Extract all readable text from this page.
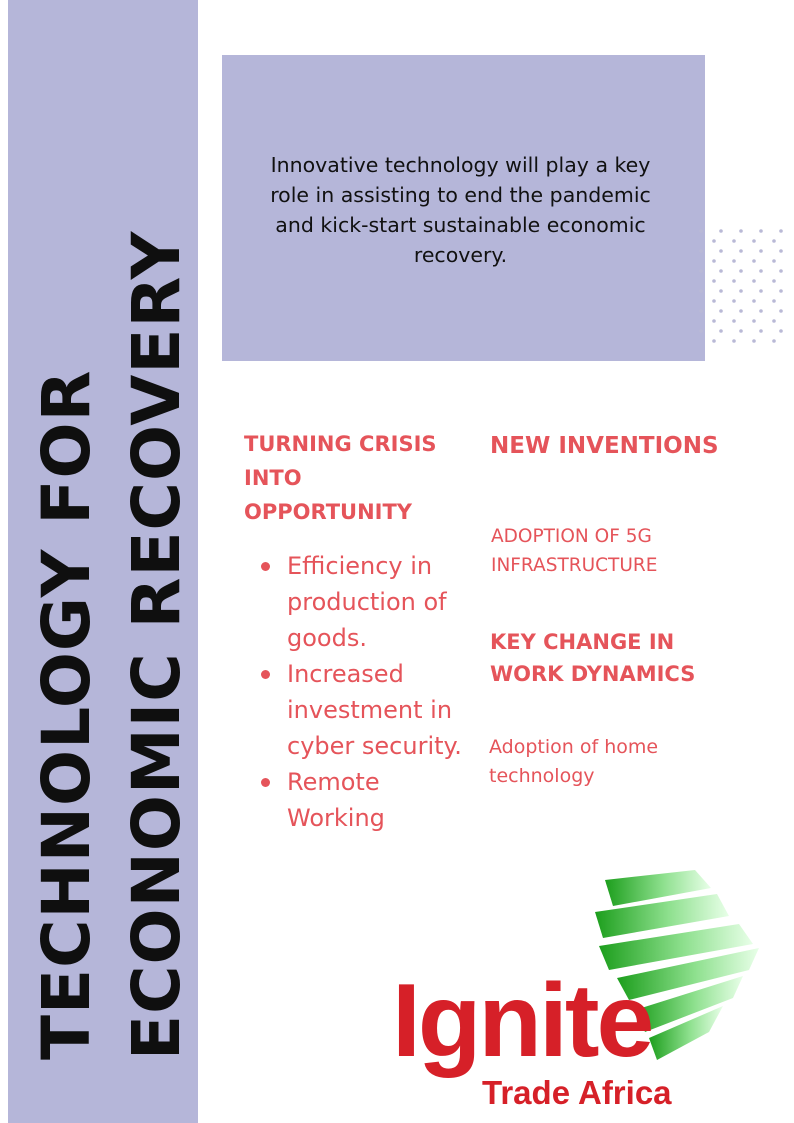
TECHNOLOGY FOR ECONOMIC RECOVERY
Innovative technology will play a key role in assisting to end the pandemic and kick-start sustainable economic recovery.
TURNING CRISIS INTO OPPORTUNITY
Efficiency in production of goods.
Increased investment in cyber security.
Remote Working
NEW INVENTIONS
ADOPTION OF 5G INFRASTRUCTURE
KEY CHANGE IN WORK DYNAMICS
Adoption of home technology
Ignite
Trade Africa
